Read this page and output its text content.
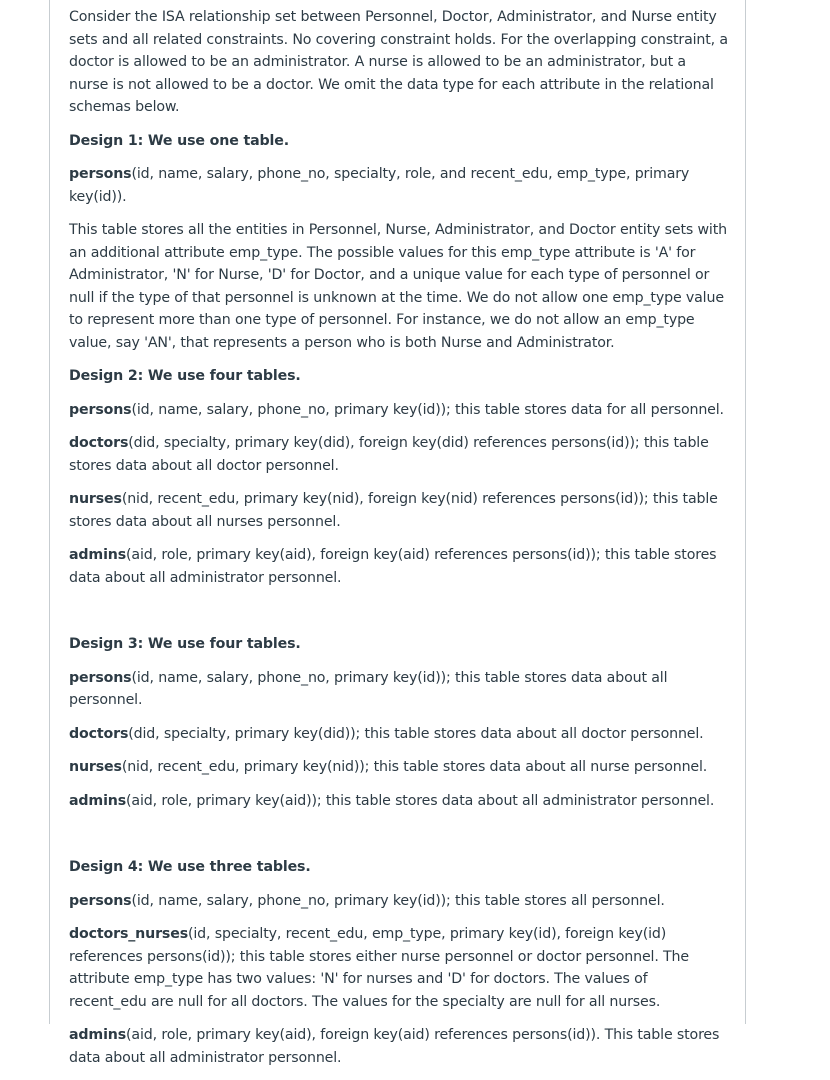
Consider the ISA relationship set between Personnel, Doctor, Administrator, and Nurse entity sets and all related constraints. No covering constraint holds. For the overlapping constraint, a doctor is allowed to be an administrator. A nurse is allowed to be an administrator, but a nurse is not allowed to be a doctor. We omit the data type for each attribute in the relational schemas below.

Design 1: We use one table.

persons(id, name, salary, phone_no, specialty, role, and recent_edu, emp_type, primary key(id)).

This table stores all the entities in Personnel, Nurse, Administrator, and Doctor entity sets with an additional attribute emp_type. The possible values for this emp_type attribute is 'A' for Administrator, 'N' for Nurse, 'D' for Doctor, and a unique value for each type of personnel or null if the type of that personnel is unknown at the time. We do not allow one emp_type value to represent more than one type of personnel. For instance, we do not allow an emp_type value, say 'AN', that represents a person who is both Nurse and Administrator.

Design 2: We use four tables.

persons(id, name, salary, phone_no, primary key(id)); this table stores data for all personnel.

doctors(did, specialty, primary key(did), foreign key(did) references persons(id)); this table stores data about all doctor personnel.

nurses(nid, recent_edu, primary key(nid), foreign key(nid) references persons(id)); this table stores data about all nurses personnel.

admins(aid, role, primary key(aid), foreign key(aid) references persons(id)); this table stores data about all administrator personnel.

Design 3: We use four tables.

persons(id, name, salary, phone_no, primary key(id)); this table stores data about all personnel.

doctors(did, specialty, primary key(did)); this table stores data about all doctor personnel.

nurses(nid, recent_edu, primary key(nid)); this table stores data about all nurse personnel.

admins(aid, role, primary key(aid)); this table stores data about all administrator personnel.

Design 4: We use three tables.

persons(id, name, salary, phone_no, primary key(id)); this table stores all personnel.

doctors_nurses(id, specialty, recent_edu, emp_type, primary key(id), foreign key(id) references persons(id)); this table stores either nurse personnel or doctor personnel. The attribute emp_type has two values: 'N' for nurses and 'D' for doctors. The values of recent_edu are null for all doctors. The values for the specialty are null for all nurses.

admins(aid, role, primary key(aid), foreign key(aid) references persons(id)). This table stores data about all administrator personnel.
